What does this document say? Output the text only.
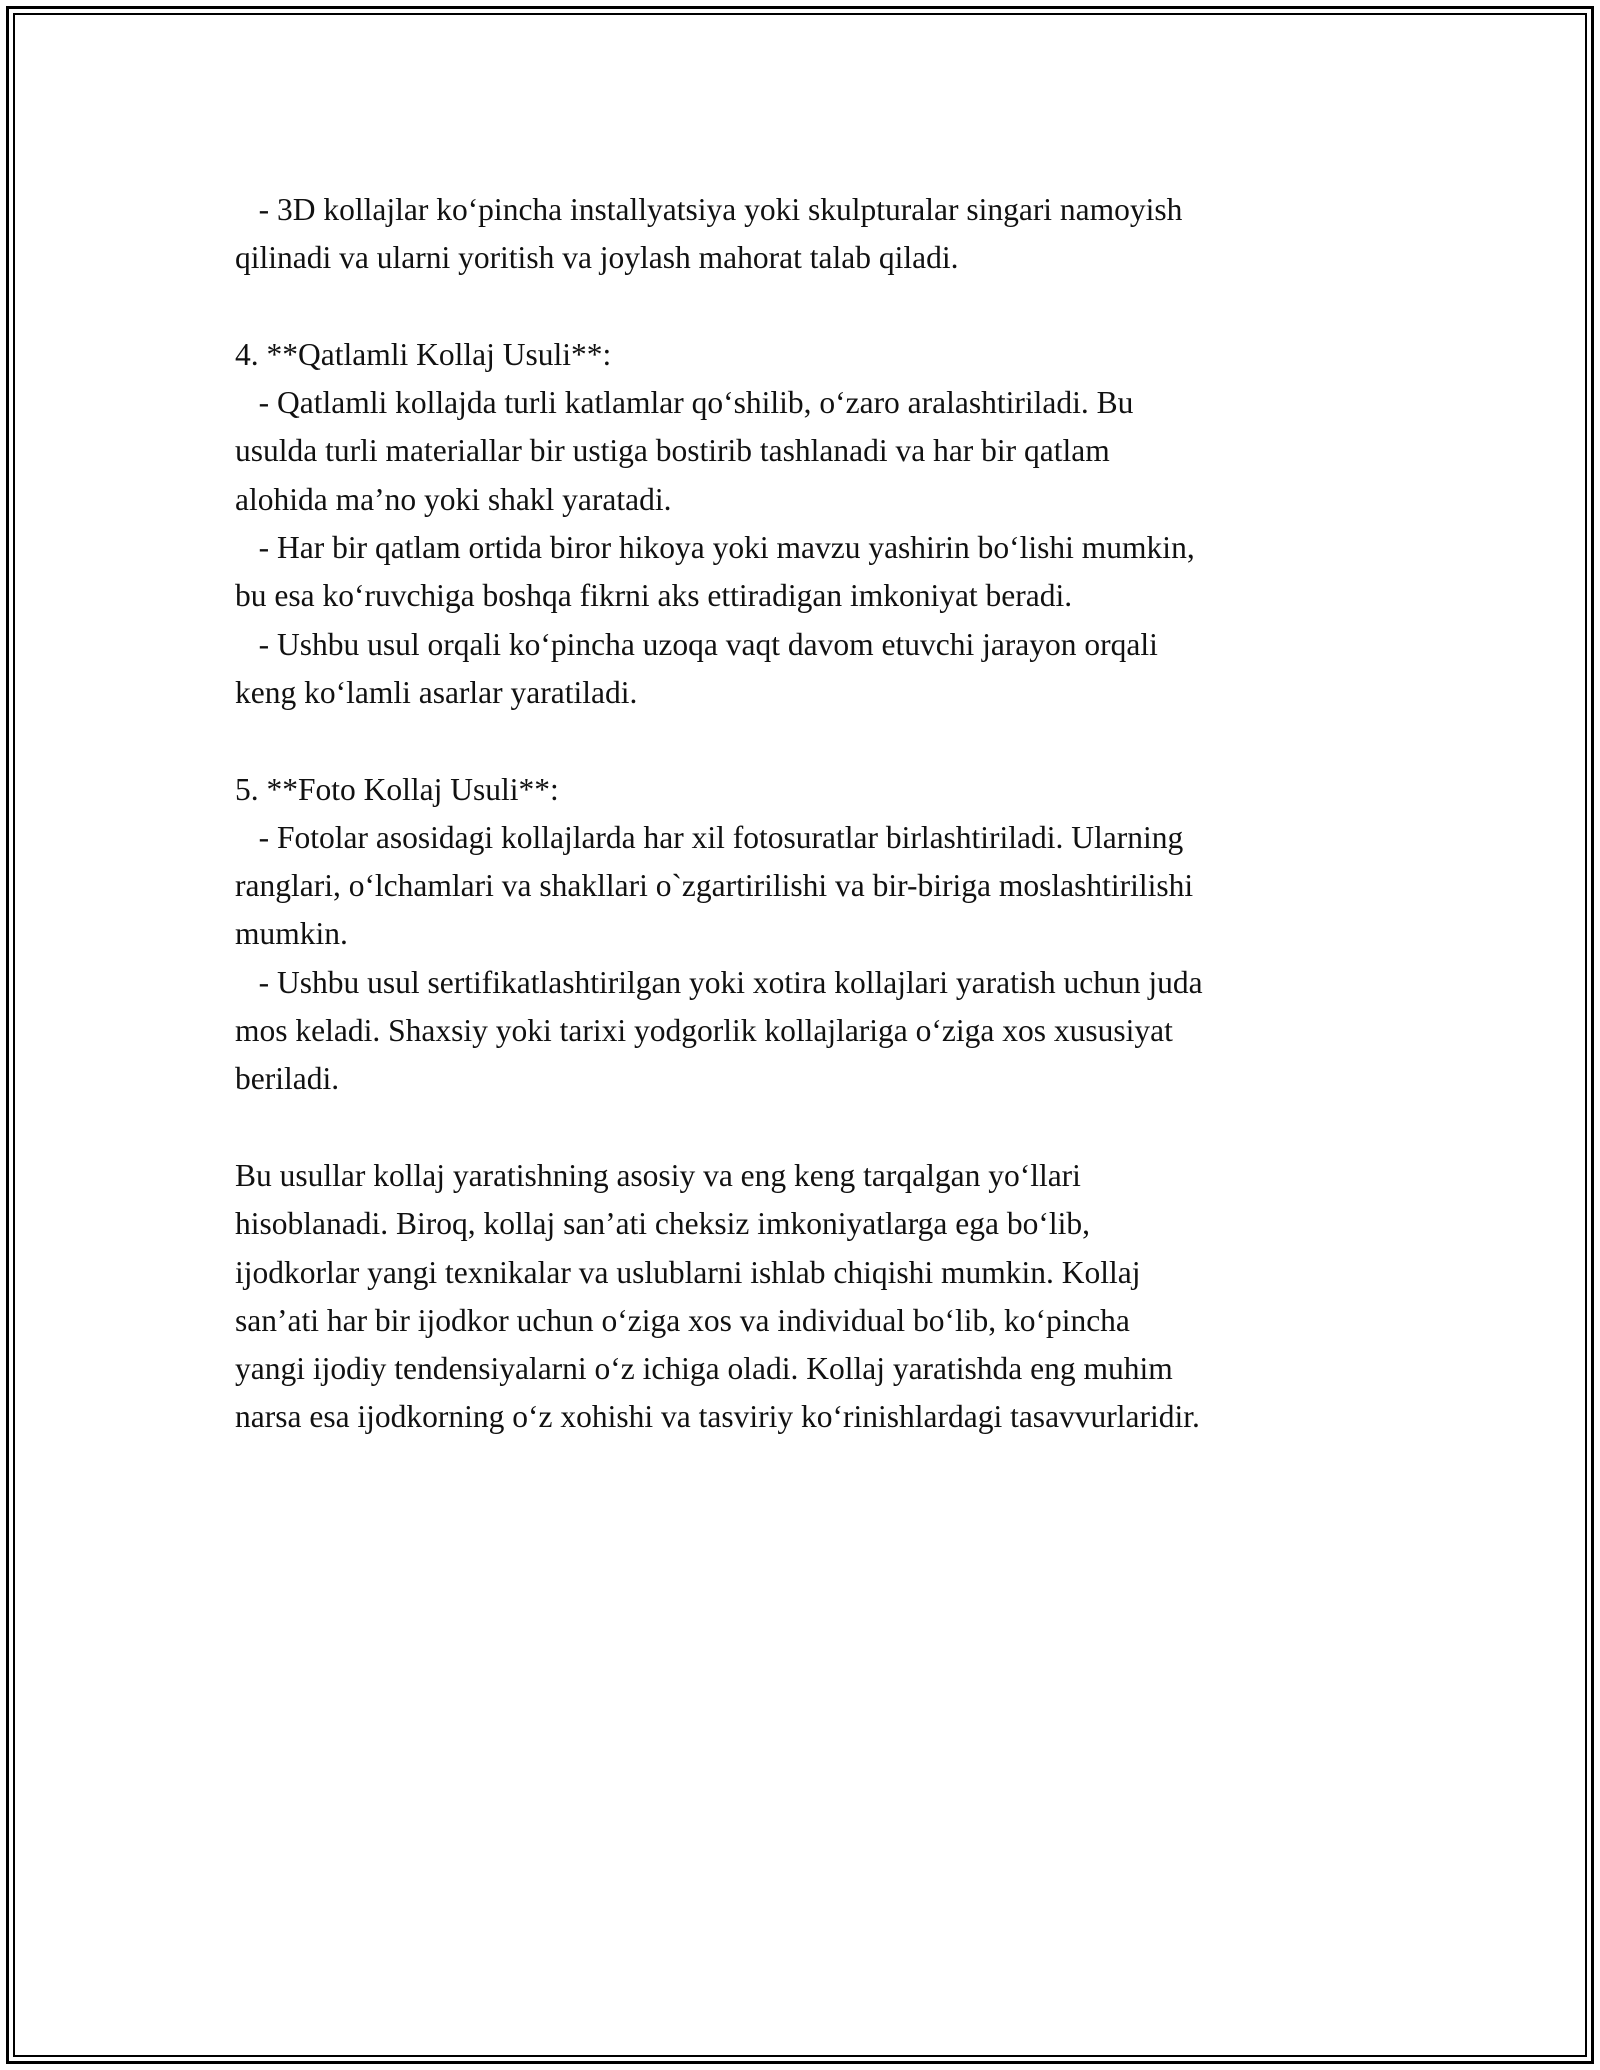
- 3D kollajlar ko‘pincha installyatsiya yoki skulpturalar singari namoyish
qilinadi va ularni yoritish va joylash mahorat talab qiladi.
4. **Qatlamli Kollaj Usuli**:
- Qatlamli kollajda turli katlamlar qo‘shilib, o‘zaro aralashtiriladi. Bu
usulda turli materiallar bir ustiga bostirib tashlanadi va har bir qatlam
alohida ma’no yoki shakl yaratadi.
- Har bir qatlam ortida biror hikoya yoki mavzu yashirin bo‘lishi mumkin,
bu esa ko‘ruvchiga boshqa fikrni aks ettiradigan imkoniyat beradi.
- Ushbu usul orqali ko‘pincha uzoqa vaqt davom etuvchi jarayon orqali
keng ko‘lamli asarlar yaratiladi.
5. **Foto Kollaj Usuli**:
- Fotolar asosidagi kollajlarda har xil fotosuratlar birlashtiriladi. Ularning
ranglari, o‘lchamlari va shakllari o`zgartirilishi va bir-biriga moslashtirilishi
mumkin.
- Ushbu usul sertifikatlashtirilgan yoki xotira kollajlari yaratish uchun juda
mos keladi. Shaxsiy yoki tarixi yodgorlik kollajlariga o‘ziga xos xususiyat
beriladi.
Bu usullar kollaj yaratishning asosiy va eng keng tarqalgan yo‘llari
hisoblanadi. Biroq, kollaj san’ati cheksiz imkoniyatlarga ega bo‘lib,
ijodkorlar yangi texnikalar va uslublarni ishlab chiqishi mumkin. Kollaj
san’ati har bir ijodkor uchun o‘ziga xos va individual bo‘lib, ko‘pincha
yangi ijodiy tendensiyalarni o‘z ichiga oladi. Kollaj yaratishda eng muhim
narsa esa ijodkorning o‘z xohishi va tasviriy ko‘rinishlardagi tasavvurlaridir.
